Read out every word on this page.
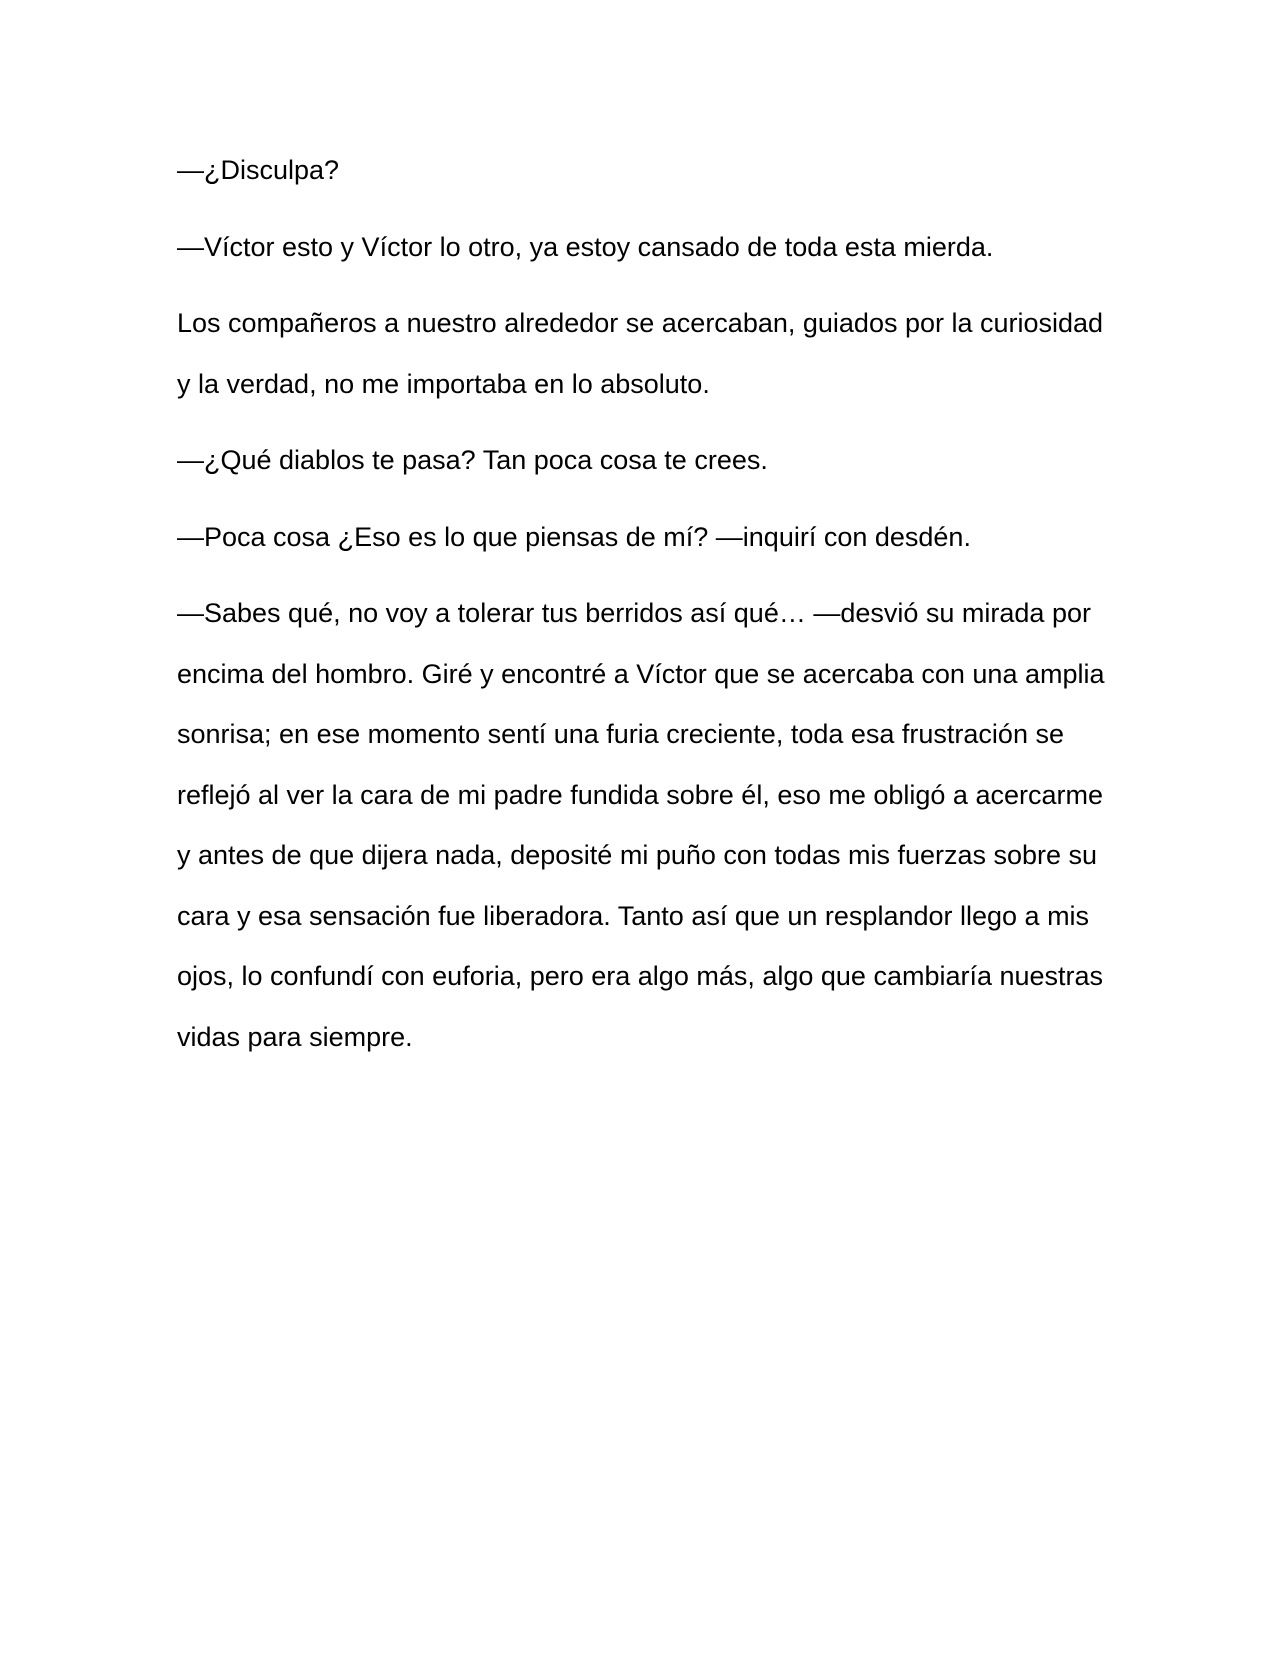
—¿Disculpa?

—Víctor esto y Víctor lo otro, ya estoy cansado de toda esta mierda.

Los compañeros a nuestro alrededor se acercaban, guiados por la curiosidad y la verdad, no me importaba en lo absoluto.

—¿Qué diablos te pasa? Tan poca cosa te crees.

—Poca cosa ¿Eso es lo que piensas de mí? —inquirí con desdén.

—Sabes qué, no voy a tolerar tus berridos así qué… —desvió su mirada por encima del hombro. Giré y encontré a Víctor que se acercaba con una amplia sonrisa; en ese momento sentí una furia creciente, toda esa frustración se reflejó al ver la cara de mi padre fundida sobre él, eso me obligó a acercarme y antes de que dijera nada, deposité mi puño con todas mis fuerzas sobre su cara y esa sensación fue liberadora. Tanto así que un resplandor llego a mis ojos, lo confundí con euforia, pero era algo más, algo que cambiaría nuestras vidas para siempre.
